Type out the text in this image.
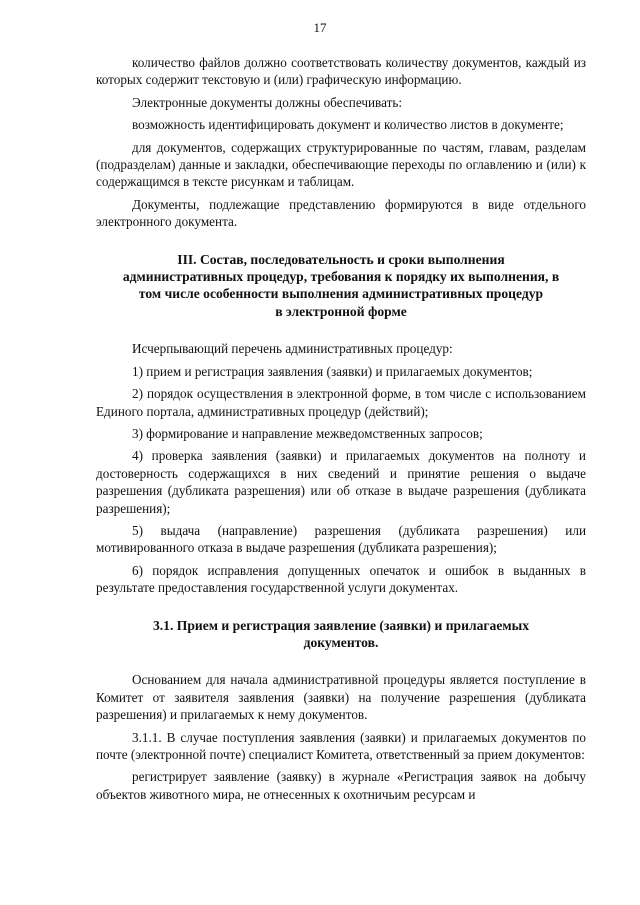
17

количество файлов должно соответствовать количеству документов, каждый из которых содержит текстовую и (или) графическую информацию.

Электронные документы должны обеспечивать:

возможность идентифицировать документ и количество листов в документе;

для документов, содержащих структурированные по частям, главам, разделам (подразделам) данные и закладки, обеспечивающие переходы по оглавлению и (или) к содержащимся в тексте рисункам и таблицам.

Документы, подлежащие представлению формируются в виде отдельного электронного документа.

III. Состав, последовательность и сроки выполнения
административных процедур, требования к порядку их выполнения, в
том числе особенности выполнения административных процедур
в электронной форме

Исчерпывающий перечень административных процедур:

1) прием и регистрация заявления (заявки) и прилагаемых документов;

2) порядок осуществления в электронной форме, в том числе с использованием Единого портала, административных процедур (действий);

3) формирование и направление межведомственных запросов;

4) проверка заявления (заявки) и прилагаемых документов на полноту и достоверность содержащихся в них сведений и принятие решения о выдаче разрешения (дубликата разрешения) или об отказе в выдаче разрешения (дубликата разрешения);

5) выдача (направление) разрешения (дубликата разрешения) или мотивированного отказа в выдаче разрешения (дубликата разрешения);

6) порядок исправления допущенных опечаток и ошибок в выданных в результате предоставления государственной услуги документах.

3.1. Прием и регистрация заявление (заявки) и прилагаемых
документов.

Основанием для начала административной процедуры является поступление в Комитет от заявителя заявления (заявки) на получение разрешения (дубликата разрешения) и прилагаемых к нему документов.

3.1.1. В случае поступления заявления (заявки) и прилагаемых документов по почте (электронной почте) специалист Комитета, ответственный за прием документов:

регистрирует заявление (заявку) в журнале «Регистрация заявок на добычу объектов животного мира, не отнесенных к охотничьим ресурсам и
